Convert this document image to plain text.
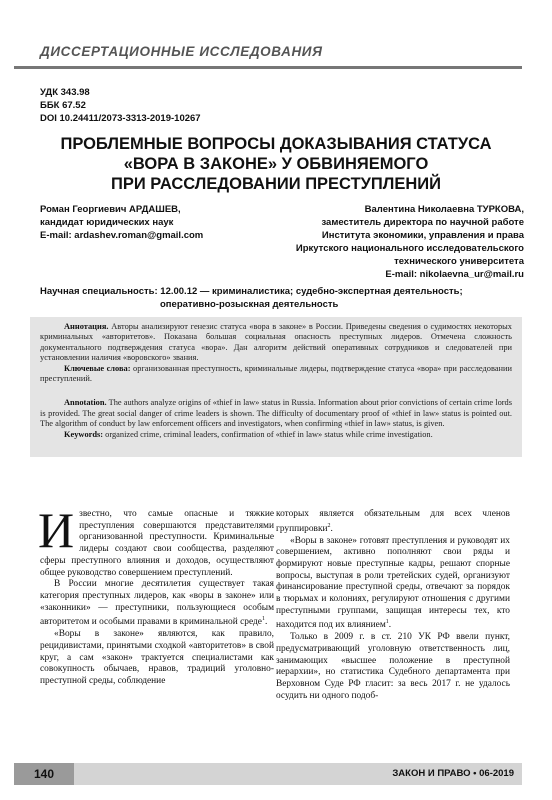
ДИССЕРТАЦИОННЫЕ ИССЛЕДОВАНИЯ
УДК 343.98
ББК 67.52
DOI 10.24411/2073-3313-2019-10267
ПРОБЛЕМНЫЕ ВОПРОСЫ ДОКАЗЫВАНИЯ СТАТУСА
«ВОРА В ЗАКОНЕ» У ОБВИНЯЕМОГО
ПРИ РАССЛЕДОВАНИИ ПРЕСТУПЛЕНИЙ
Роман Георгиевич АРДАШЕВ,
кандидат юридических наук
E-mail: ardashev.roman@gmail.com
Валентина Николаевна ТУРКОВА,
заместитель директора по научной работе
Института экономики, управления и права
Иркутского национального исследовательского
технического университета
E-mail: nikolaevna_ur@mail.ru
Научная специальность: 12.00.12 — криминалистика; судебно-экспертная деятельность;
оперативно-розыскная деятельность

Аннотация. Авторы анализируют генезис статуса «вора в законе» в России. Приведены сведения о судимостях некоторых криминальных «авторитетов». Показана большая социальная опасность преступных лидеров. Отмечена сложность документального подтверждения статуса «вора». Дан алгоритм действий оперативных сотрудников и следователей при установлении наличия «воровского» звания.

Ключевые слова: организованная преступность, криминальные лидеры, подтверждение статуса «вора» при расследовании преступлений.

Annotation. The authors analyze origins of «thief in law» status in Russia. Information about prior convictions of certain crime lords is provided. The great social danger of crime leaders is shown. The difficulty of documentary proof of «thief in law» status is pointed out. The algorithm of conduct by law enforcement officers and investigators, when confirming «thief in law» status, is given.

Keywords: organized crime, criminal leaders, confirmation of «thief in law» status while crime investigation.

Известно, что самые опасные и тяжкие преступления совершаются представителями организованной преступности. Криминальные лидеры создают свои сообщества, разделяют сферы преступного влияния и доходов, осуществляют общее руководство совершением преступлений.

В России многие десятилетия существует такая категория преступных лидеров, как «воры в законе» или «законники» — преступники, пользующиеся особым авторитетом и особыми правами в криминальной среде$^1$.

«Воры в законе» являются, как правило, рецидивистами, принятыми сходкой «авторитетов» в свой круг, а сам «закон» трактуется специалистами как совокупность обычаев, нравов, традиций уголовно-преступной среды, соблюдение

которых является обязательным для всех членов группировки$^2$.

«Воры в законе» готовят преступления и руководят их совершением, активно пополняют свои ряды и формируют новые преступные кадры, решают спорные вопросы, выступая в роли третейских судей, организуют финансирование преступной среды, отвечают за порядок в тюрьмах и колониях, регулируют отношения с другими преступными группами, защищая интересы тех, кто находится под их влиянием$^1$.

Только в 2009 г. в ст. 210 УК РФ ввели пункт, предусматривающий уголовную ответственность лиц, занимающих «высшее положение в преступной иерархии», но статистика Судебного департамента при Верховном Суде РФ гласит: за весь 2017 г. не удалось осудить ни одного подоб-

140	ЗАКОН И ПРАВО • 06-2019
